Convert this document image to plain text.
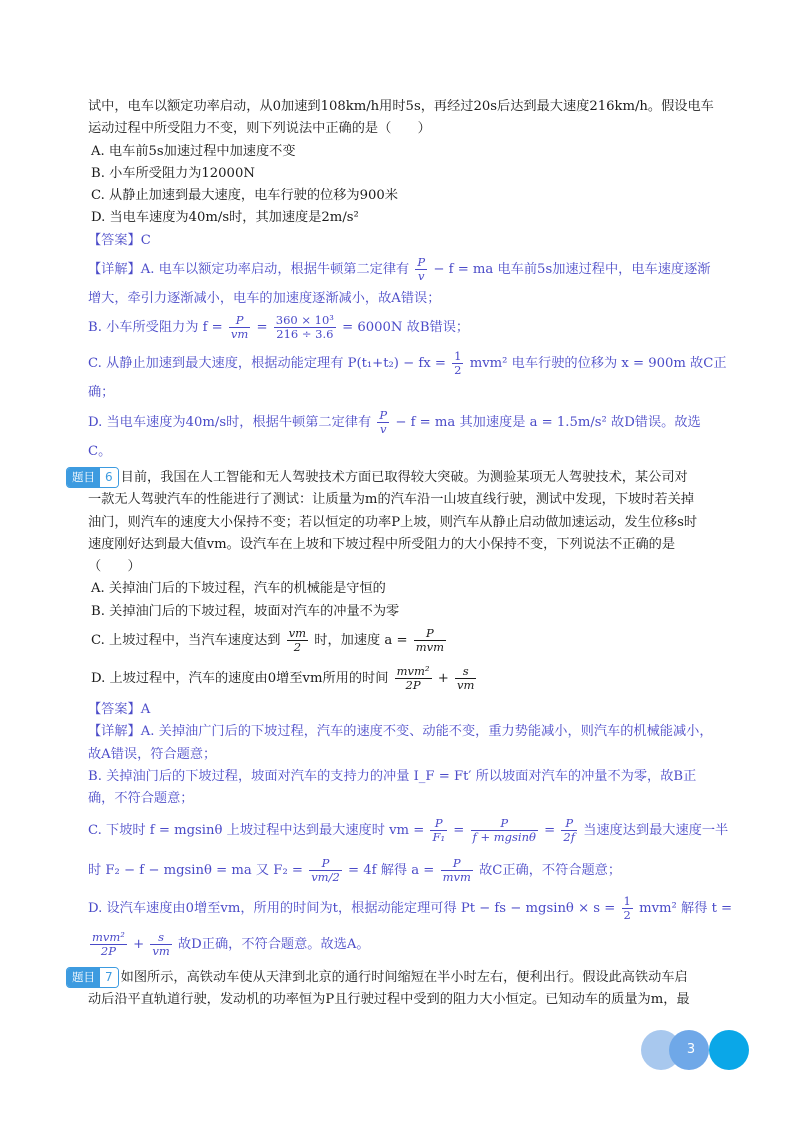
试中，电车以额定功率启动，从0加速到108km/h用时5s，再经过20s后达到最大速度216km/h。假设电车
运动过程中所受阻力不变，则下列说法中正确的是（　　）
A. 电车前5s加速过程中加速度不变
B. 小车所受阻力为12000N
C. 从静止加速到最大速度，电车行驶的位移为900米
D. 当电车速度为40m/s时，其加速度是2m/s²
【答案】C
【详解】A. 电车以额定功率启动，根据牛顿第二定律有 $\frac{P}{v} - f$ = ma 电车前5s加速过程中，电车速度逐渐
增大，牵引力逐渐减小，电车的加速度逐渐减小，故A错误；
B. 小车所受阻力为 $f = \frac{P}{vm} = \frac{\text{360 × 10³}}{216 \div 3.6} = 6000N$ 故B错误；
C. 从静止加速到最大速度，根据动能定理有 P(t₁+t₂) − fx = $\frac{1}{2} mvm^2$ 电车行驶的位移为 x = 900m 故C正
确；
D. 当电车速度为40m/s时，根据牛顿第二定律有 $\frac{P}{v} - f$ = ma 其加速度是 a = 1.5m/s² 故D错误。故选
C。
题目 6 目前，我国在人工智能和无人驾驶技术方面已取得较大突破。为测验某项无人驾驶技术，某公司对
一款无人驾驶汽车的性能进行了测试：让质量为m的汽车沿一山坡直线行驶，测试中发现，下坡时若关掉
油门，则汽车的速度大小保持不变；若以恒定的功率P上坡，则汽车从静止启动做加速运动，发生位移s时
速度刚好达到最大值vm。设汽车在上坡和下坡过程中所受阻力的大小保持不变，下列说法不正确的是
（　　）
A. 关掉油门后的下坡过程，汽车的机械能是守恒的
B. 关掉油门后的下坡过程，坡面对汽车的冲量不为零
C. 上坡过程中，当汽车速度达到 $\frac{vm}{2}$ 时，加速度 $a = \frac{P}{\text{mvm}}$
D. 上坡过程中，汽车的速度由0增至vm所用的时间 $\frac{\text{mvm²}}{2P} + \frac{s}{vm}$
【答案】A
【详解】A. 关掉油广门后的下坡过程，汽车的速度不变、动能不变，重力势能减小，则汽车的机械能减小，
故A错误，符合题意；
B. 关掉油门后的下坡过程，坡面对汽车的支持力的冲量 I_F = Ft′ 所以坡面对汽车的冲量不为零，故B正
确，不符合题意；
C. 下坡时 f = mgsinθ 上坡过程中达到最大速度时 vm = $\frac{P}{\text{F₁}} = \frac{P}{f + mgsin\theta} = \frac{P}{2f}$ 当速度达到最大速度一半
时 F₂ − f − mgsinθ = ma 又 $F_2 = \frac{P}{vm/2} = 4f$ 解得 $a = \frac{P}{\text{mvm}}$ 故C正确，不符合题意；
D. 设汽车速度由0增至vm，所用的时间为t，根据动能定理可得 Pt − fs − $mgsin\theta \times s = \frac{1}{2} mvm^2$ 解得 t =
$\frac{\text{mvm²}}{2P} + \frac{s}{vm}$ 故D正确，不符合题意。故选A。
题目 7 如图所示，高铁动车使从天津到北京的通行时间缩短在半小时左右，便利出行。假设此高铁动车启
动后沿平直轨道行驶，发动机的功率恒为P且行驶过程中受到的阻力大小恒定。已知动车的质量为m，最
3
